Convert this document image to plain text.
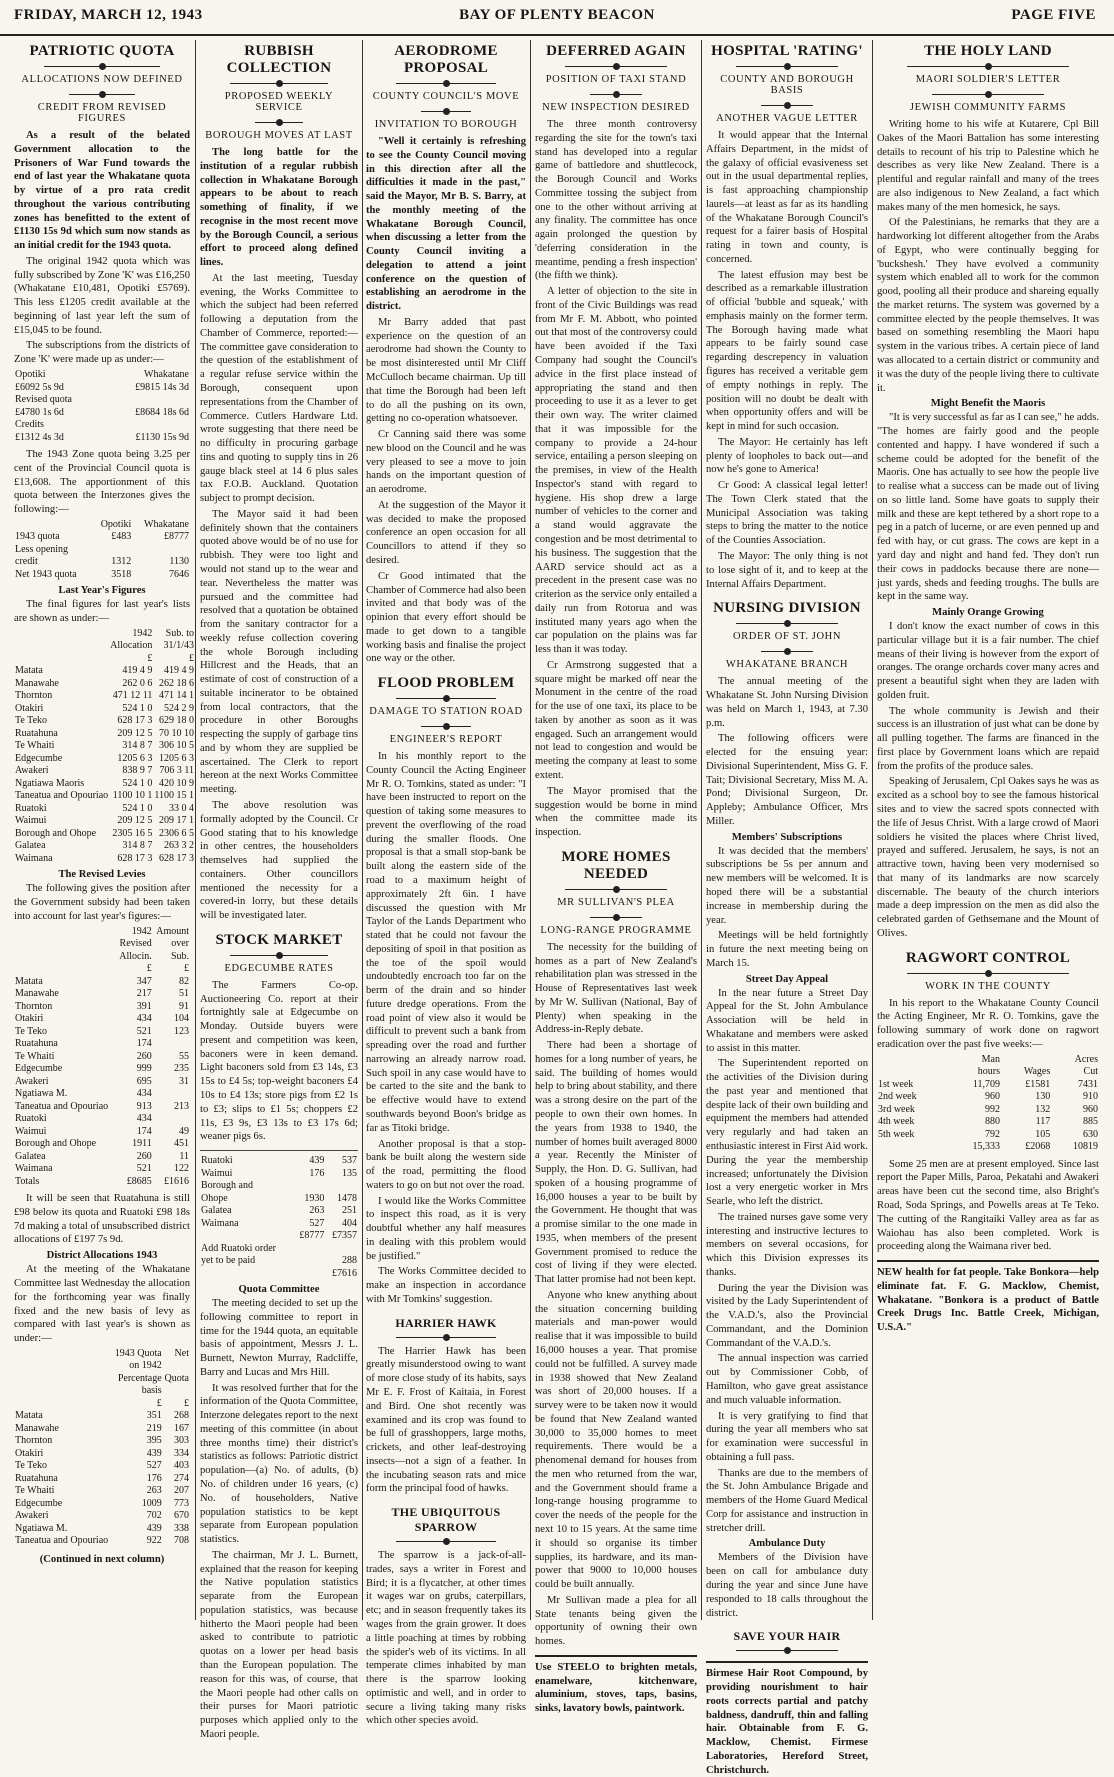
FRIDAY, MARCH 12, 1943	BAY OF PLENTY BEACON	PAGE FIVE
PATRIOTIC QUOTA
ALLOCATIONS NOW DEFINED
CREDIT FROM REVISED FIGURES

As a result of the belated Government allocation to the Prisoners of War Fund towards the end of last year the Whakatane quota by virtue of a pro rata credit throughout the various contributing zones has benefitted to the extent of £1130 15s 9d which sum now stands as an initial credit for the 1943 quota.

The original 1942 quota which was fully subscribed by Zone 'K' was £16,250 (Whakatane £10,481, Opotiki £5769). This less £1205 credit available at the beginning of last year left the sum of £15,045 to be found.

The subscriptions from the districts of Zone 'K' were made up as under:—

Opotiki		Whakatane
£6092 5s 9d		£9815 14s 3d
Revised quota		
£4780 1s 6d		£8684 18s 6d
Credits		
£1312 4s 3d		£1130 15s 9d

The 1943 Zone quota being 3.25 per cent of the Provincial Council quota is £13,608. The apportionment of this quota between the Interzones gives the following:—

	Opotiki	Whakatane
1943 quota	£483	£8777
Less opening		
credit	1312	1130
Net 1943 quota	3518	7646
Last Year's Figures

The final figures for last year's lists are shown as under:—

	1942	Sub. to
	Allocation	31/1/43
	£	£
Matata	419 4 9	419 4 9
Manawahe	262 0 6	262 18 6
Thornton	471 12 11	471 14 1
Otakiri	524 1 0	524 2 9
Te Teko	628 17 3	629 18 0
Ruatahuna	209 12 5	70 10 10
Te Whaiti	314 8 7	306 10 5
Edgecumbe	1205 6 3	1205 6 3
Awakeri	838 9 7	706 3 11
Ngatiawa Maoris	524 1 0	420 10 9
Taneatua and Opouriao	1100 10 1	1100 15 1
Ruatoki	524 1 0	33 0 4
Waimui	209 12 5	209 17 1
Borough and Ohope	2305 16 5	2306 6 5
Galatea	314 8 7	263 3 2
Waimana	628 17 3	628 17 3
The Revised Levies

The following gives the position after the Government subsidy had been taken into account for last year's figures:—

	1942	Amount
	Revised	over
	Allocin.	Sub.
	£	£
Matata	347	82
Manawahe	217	51
Thornton	391	91
Otakiri	434	104
Te Teko	521	123
Ruatahuna	174	
Te Whaiti	260	55
Edgecumbe	999	235
Awakeri	695	31
Ngatiawa M.	434	
Taneatua and Opouriao	913	213
Ruatoki	434	
Waimui	174	49
Borough and Ohope	1911	451
Galatea	260	11
Waimana	521	122
Totals	£8685	£1616

It will be seen that Ruatahuna is still £98 below its quota and Ruatoki £98 18s 7d making a total of unsubscribed district allocations of £197 7s 9d.

District Allocations 1943

At the meeting of the Whakatane Committee last Wednesday the allocation for the forthcoming year was finally fixed and the new basis of levy as compared with last year's is shown as under:—

	1943 Quota	Net
	on 1942	
	Percentage	Quota
	basis	
	£	£
Matata	351	268
Manawahe	219	167
Thornton	395	303
Otakiri	439	334
Te Teko	527	403
Ruatahuna	176	274
Te Whaiti	263	207
Edgecumbe	1009	773
Awakeri	702	670
Ngatiawa M.	439	338
Taneatua and Opouriao	922	708
(Continued in next column)
RUBBISH COLLECTION
PROPOSED WEEKLY SERVICE
BOROUGH MOVES AT LAST

The long battle for the institution of a regular rubbish collection in Whakatane Borough appears to be about to reach something of finality, if we recognise in the most recent move by the Borough Council, a serious effort to proceed along defined lines.

At the last meeting, Tuesday evening, the Works Committee to which the subject had been referred following a deputation from the Chamber of Commerce, reported:—The committee gave consideration to the question of the establishment of a regular refuse service within the Borough, consequent upon representations from the Chamber of Commerce. Cutlers Hardware Ltd. wrote suggesting that there need be no difficulty in procuring garbage tins and quoting to supply tins in 26 gauge black steel at 14 6 plus sales tax F.O.B. Auckland. Quotation subject to prompt decision.

The Mayor said it had been definitely shown that the containers quoted above would be of no use for rubbish. They were too light and would not stand up to the wear and tear. Nevertheless the matter was pursued and the committee had resolved that a quotation be obtained from the sanitary contractor for a weekly refuse collection covering the whole Borough including Hillcrest and the Heads, that an estimate of cost of construction of a suitable incinerator to be obtained from local contractors, that the procedure in other Boroughs respecting the supply of garbage tins and by whom they are supplied be ascertained. The Clerk to report hereon at the next Works Committee meeting.

The above resolution was formally adopted by the Council. Cr Good stating that to his knowledge in other centres, the householders themselves had supplied the containers. Other councillors mentioned the necessity for a covered-in lorry, but these details will be investigated later.

STOCK MARKET
EDGECUMBE RATES

The Farmers Co-op. Auctioneering Co. report at their fortnightly sale at Edgecumbe on Monday. Outside buyers were present and competition was keen, baconers were in keen demand. Light baconers sold from £3 14s, £3 15s to £4 5s; top-weight baconers £4 10s to £4 13s; store pigs from £2 1s to £3; slips to £1 5s; choppers £2 11s, £3 9s, £3 13s to £3 17s 6d; weaner pigs 6s.

Ruatoki	439	537
Waimui	176	135
Borough and		
Ohope	1930	1478
Galatea	263	251
Waimana	527	404

	£8777	£7357
Add Ruatoki order		
yet to be paid		288
		£7616
Quota Committee

The meeting decided to set up the following committee to report in time for the 1944 quota, an equitable basis of appointment, Messrs J. L. Burnett, Newton Murray, Radcliffe, Barry and Lucas and Mrs Hill.

It was resolved further that for the information of the Quota Committee, Interzone delegates report to the next meeting of this committee (in about three months time) their district's statistics as follows: Patriotic district population—(a) No. of adults, (b) No. of children under 16 years, (c) No. of householders, Native population statistics to be kept separate from European population statistics.

The chairman, Mr J. L. Burnett, explained that the reason for keeping the Native population statistics separate from the European population statistics, was because hitherto the Maori people had been asked to contribute to patriotic quotas on a lower per head basis than the European population. The reason for this was, of course, that the Maori people had other calls on their purses for Maori patriotic purposes which applied only to the Maori people.

AERODROME PROPOSAL
COUNTY COUNCIL'S MOVE
INVITATION TO BOROUGH

"Well it certainly is refreshing to see the County Council moving in this direction after all the difficulties it made in the past," said the Mayor, Mr B. S. Barry, at the monthly meeting of the Whakatane Borough Council, when discussing a letter from the County Council inviting a delegation to attend a joint conference on the question of establishing an aerodrome in the district.

Mr Barry added that past experience on the question of an aerodrome had shown the County to be most disinterested until Mr Cliff McCulloch became chairman. Up till that time the Borough had been left to do all the pushing on its own, getting no co-operation whatsoever.

Cr Canning said there was some new blood on the Council and he was very pleased to see a move to join hands on the important question of an aerodrome.

At the suggestion of the Mayor it was decided to make the proposed conference an open occasion for all Councillors to attend if they so desired.

Cr Good intimated that the Chamber of Commerce had also been invited and that body was of the opinion that every effort should be made to get down to a tangible working basis and finalise the project one way or the other.

FLOOD PROBLEM
DAMAGE TO STATION ROAD
ENGINEER'S REPORT

In his monthly report to the County Council the Acting Engineer Mr R. O. Tomkins, stated as under: "I have been instructed to report on the question of taking some measures to prevent the overflowing of the road during the smaller floods. One proposal is that a small stop-bank be built along the eastern side of the road to a maximum height of approximately 2ft 6in. I have discussed the question with Mr Taylor of the Lands Department who stated that he could not favour the depositing of spoil in that position as the toe of the spoil would undoubtedly encroach too far on the berm of the drain and so hinder future dredge operations. From the road point of view also it would be difficult to prevent such a bank from spreading over the road and further narrowing an already narrow road. Such spoil in any case would have to be carted to the site and the bank to be effective would have to extend southwards beyond Boon's bridge as far as Titoki bridge.

Another proposal is that a stop-bank be built along the western side of the road, permitting the flood waters to go on but not over the road.

I would like the Works Committee to inspect this road, as it is very doubtful whether any half measures in dealing with this problem would be justified."

The Works Committee decided to make an inspection in accordance with Mr Tomkins' suggestion.

HARRIER HAWK

The Harrier Hawk has been greatly misunderstood owing to want of more close study of its habits, says Mr E. F. Frost of Kaitaia, in Forest and Bird. One shot recently was examined and its crop was found to be full of grasshoppers, large moths, crickets, and other leaf-destroying insects—not a sign of a feather. In the incubating season rats and mice form the principal food of hawks.

THE UBIQUITOUS SPARROW

The sparrow is a jack-of-all-trades, says a writer in Forest and Bird; it is a flycatcher, at other times it wages war on grubs, caterpillars, etc; and in season frequently takes its wages from the grain grower. It does a little poaching at times by robbing the spider's web of its victims. In all temperate climes inhabited by man there is the sparrow looking optimistic and well, and in order to secure a living taking many risks which other species avoid.

DEFERRED AGAIN
POSITION OF TAXI STAND
NEW INSPECTION DESIRED

The three month controversy regarding the site for the town's taxi stand has developed into a regular game of battledore and shuttlecock, the Borough Council and Works Committee tossing the subject from one to the other without arriving at any finality. The committee has once again prolonged the question by 'deferring consideration in the meantime, pending a fresh inspection' (the fifth we think).

A letter of objection to the site in front of the Civic Buildings was read from Mr F. M. Abbott, who pointed out that most of the controversy could have been avoided if the Taxi Company had sought the Council's advice in the first place instead of appropriating the stand and then proceeding to use it as a lever to get their own way. The writer claimed that it was impossible for the company to provide a 24-hour service, entailing a person sleeping on the premises, in view of the Health Inspector's stand with regard to hygiene. His shop drew a large number of vehicles to the corner and a stand would aggravate the congestion and be most detrimental to his business. The suggestion that the AARD service should act as a precedent in the present case was no criterion as the service only entailed a daily run from Rotorua and was instituted many years ago when the car population on the plains was far less than it was today.

Cr Armstrong suggested that a square might be marked off near the Monument in the centre of the road for the use of one taxi, its place to be taken by another as soon as it was engaged. Such an arrangement would not lead to congestion and would be meeting the company at least to some extent.

The Mayor promised that the suggestion would be borne in mind when the committee made its inspection.

MORE HOMES NEEDED
MR SULLIVAN'S PLEA
LONG-RANGE PROGRAMME

The necessity for the building of homes as a part of New Zealand's rehabilitation plan was stressed in the House of Representatives last week by Mr W. Sullivan (National, Bay of Plenty) when speaking in the Address-in-Reply debate.

There had been a shortage of homes for a long number of years, he said. The building of homes would help to bring about stability, and there was a strong desire on the part of the people to own their own homes. In the years from 1938 to 1940, the number of homes built averaged 8000 a year. Recently the Minister of Supply, the Hon. D. G. Sullivan, had spoken of a housing programme of 16,000 houses a year to be built by the Government. He thought that was a promise similar to the one made in 1935, when members of the present Government promised to reduce the cost of living if they were elected. That latter promise had not been kept.

Anyone who knew anything about the situation concerning building materials and man-power would realise that it was impossible to build 16,000 houses a year. That promise could not be fulfilled. A survey made in 1938 showed that New Zealand was short of 20,000 houses. If a survey were to be taken now it would be found that New Zealand wanted 30,000 to 35,000 homes to meet requirements. There would be a phenomenal demand for houses from the men who returned from the war, and the Government should frame a long-range housing programme to cover the needs of the people for the next 10 to 15 years. At the same time it should so organise its timber supplies, its hardware, and its man-power that 9000 to 10,000 houses could be built annually.

Mr Sullivan made a plea for all State tenants being given the opportunity of owning their own homes.

Use STEELO to brighten metals, enamelware, kitchenware, aluminium, stoves, taps, basins, sinks, lavatory bowls, paintwork.
HOSPITAL 'RATING'
COUNTY AND BOROUGH BASIS
ANOTHER VAGUE LETTER

It would appear that the Internal Affairs Department, in the midst of the galaxy of official evasiveness set out in the usual departmental replies, is fast approaching championship laurels—at least as far as its handling of the Whakatane Borough Council's request for a fairer basis of Hospital rating in town and county, is concerned.

The latest effusion may best be described as a remarkable illustration of official 'bubble and squeak,' with emphasis mainly on the former term. The Borough having made what appears to be fairly sound case regarding descrepency in valuation figures has received a veritable gem of empty nothings in reply. The position will no doubt be dealt with when opportunity offers and will be kept in mind for such occasion.

The Mayor: He certainly has left plenty of loopholes to back out—and now he's gone to America!

Cr Good: A classical legal letter! The Town Clerk stated that the Municipal Association was taking steps to bring the matter to the notice of the Counties Association.

The Mayor: The only thing is not to lose sight of it, and to keep at the Internal Affairs Department.

NURSING DIVISION
ORDER OF ST. JOHN
WHAKATANE BRANCH

The annual meeting of the Whakatane St. John Nursing Division was held on March 1, 1943, at 7.30 p.m.

The following officers were elected for the ensuing year: Divisional Superintendent, Miss G. F. Tait; Divisional Secretary, Miss M. A. Pond; Divisional Surgeon, Dr. Appleby; Ambulance Officer, Mrs Miller.

Members' Subscriptions

It was decided that the members' subscriptions be 5s per annum and new members will be welcomed. It is hoped there will be a substantial increase in membership during the year.

Meetings will be held fortnightly in future the next meeting being on March 15.

Street Day Appeal

In the near future a Street Day Appeal for the St. John Ambulance Association will be held in Whakatane and members were asked to assist in this matter.

The Superintendent reported on the activities of the Division during the past year and mentioned that despite lack of their own building and equipment the members had attended very regularly and had taken an enthusiastic interest in First Aid work. During the year the membership increased; unfortunately the Division lost a very energetic worker in Mrs Searle, who left the district.

The trained nurses gave some very interesting and instructive lectures to members on several occasions, for which this Division expresses its thanks.

During the year the Division was visited by the Lady Superintendent of the V.A.D.'s, also the Provincial Commandant, and the Dominion Commandant of the V.A.D.'s.

The annual inspection was carried out by Commissioner Cobb, of Hamilton, who gave great assistance and much valuable information.

It is very gratifying to find that during the year all members who sat for examination were successful in obtaining a full pass.

Thanks are due to the members of the St. John Ambulance Brigade and members of the Home Guard Medical Corp for assistance and instruction in stretcher drill.

Ambulance Duty

Members of the Division have been on call for ambulance duty during the year and since June have responded to 18 calls throughout the district.

SAVE YOUR HAIR
Birmese Hair Root Compound, by providing nourishment to hair roots corrects partial and patchy baldness, dandruff, thin and falling hair. Obtainable from F. G. Macklow, Chemist. Firmese Laboratories, Hereford Street, Christchurch.
THE HOLY LAND
MAORI SOLDIER'S LETTER
JEWISH COMMUNITY FARMS

Writing home to his wife at Kutarere, Cpl Bill Oakes of the Maori Battalion has some interesting details to recount of his trip to Palestine which he describes as very like New Zealand. There is a plentiful and regular rainfall and many of the trees are also indigenous to New Zealand, a fact which makes many of the men homesick, he says.

Of the Palestinians, he remarks that they are a hardworking lot different altogether from the Arabs of Egypt, who were continually begging for 'buckshesh.' They have evolved a community system which enabled all to work for the common good, pooling all their produce and shareing equally the market returns. The system was governed by a committee elected by the people themselves. It was based on something resembling the Maori hapu system in the various tribes. A certain piece of land was allocated to a certain district or community and it was the duty of the people living there to cultivate it.

Might Benefit the Maoris

"It is very successful as far as I can see," he adds. "The homes are fairly good and the people contented and happy. I have wondered if such a scheme could be adopted for the benefit of the Maoris. One has actually to see how the people live to realise what a success can be made out of living on so little land. Some have goats to supply their milk and these are kept tethered by a short rope to a peg in a patch of lucerne, or are even penned up and fed with hay, or cut grass. The cows are kept in a yard day and night and hand fed. They don't run their cows in paddocks because there are none—just yards, sheds and feeding troughs. The bulls are kept in the same way.

Mainly Orange Growing

I don't know the exact number of cows in this particular village but it is a fair number. The chief means of their living is however from the export of oranges. The orange orchards cover many acres and present a beautiful sight when they are laden with golden fruit.

The whole community is Jewish and their success is an illustration of just what can be done by all pulling together. The farms are financed in the first place by Government loans which are repaid from the profits of the produce sales.

Speaking of Jerusalem, Cpl Oakes says he was as excited as a school boy to see the famous historical sites and to view the sacred spots connected with the life of Jesus Christ. With a large crowd of Maori soldiers he visited the places where Christ lived, prayed and suffered. Jerusalem, he says, is not an attractive town, having been very modernised so that many of its landmarks are now scarcely discernable. The beauty of the church interiors made a deep impression on the men as did also the celebrated garden of Gethsemane and the Mount of Olives.

RAGWORT CONTROL
WORK IN THE COUNTY

In his report to the Whakatane County Council the Acting Engineer, Mr R. O. Tomkins, gave the following summary of work done on ragwort eradication over the past five weeks:—

	Man		Acres
	hours	Wages	Cut
1st week	11,709	£1581	7431
2nd week	960	130	910
3rd week	992	132	960
4th week	880	117	885
5th week	792	105	630
	15,333	£2068	10819

Some 25 men are at present employed. Since last report the Paper Mills, Paroa, Pekatahi and Awakeri areas have been cut the second time, also Bright's Road, Soda Springs, and Powells areas at Te Teko. The cutting of the Rangitaiki Valley area as far as Waiohau has also been completed. Work is proceeding along the Waimana river bed.

NEW health for fat people. Take Bonkora—help eliminate fat. F. G. Macklow, Chemist, Whakatane. "Bonkora is a product of Battle Creek Drugs Inc. Battle Creek, Michigan, U.S.A."
